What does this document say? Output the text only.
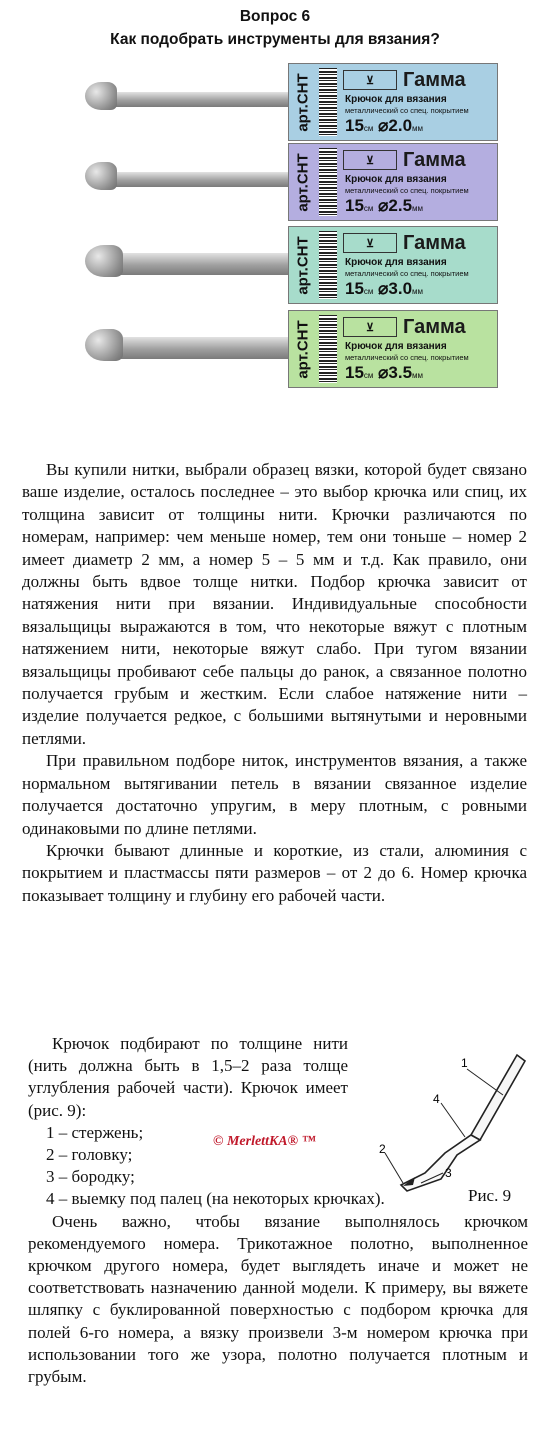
Вопрос 6
Как подобрать инструменты для вязания?
арт.CHT	⊻	Гамма
Крючок для вязания
металлический со спец. покрытием
15см ⌀2.0мм
арт.CHT	⊻	Гамма
Крючок для вязания
металлический со спец. покрытием
15см ⌀2.5мм
арт.CHT	⊻	Гамма
Крючок для вязания
металлический со спец. покрытием
15см ⌀3.0мм
арт.CHT	⊻	Гамма
Крючок для вязания
металлический со спец. покрытием
15см ⌀3.5мм

Вы купили нитки, выбрали образец вязки, которой будет связано ваше изделие, осталось последнее – это выбор крючка или спиц, их толщина зависит от толщины нити. Крючки различаются по номерам, например: чем меньше номер, тем они тоньше – номер 2 имеет диаметр 2 мм, а номер 5 – 5 мм и т.д. Как правило, они должны быть вдвое толще нитки. Подбор крючка зависит от натяжения нити при вязании. Индивидуальные способности вязальщицы выражаются в том, что некоторые вяжут с плотным натяжением нити, некоторые вяжут слабо. При тугом вязании вязальщицы пробивают себе пальцы до ранок, а связанное полотно получается грубым и жестким. Если слабое натяжение нити – изделие получается редкое, с большими вытянутыми и неровными петлями.

При правильном подборе ниток, инструментов вязания, а также нормальном вытягивании петель в вязании связанное изделие получается достаточно упругим, в меру плотным, с ровными одинаковыми по длине петлями.

Крючки бывают длинные и короткие, из стали, алюминия с покрытием и пластмассы пяти размеров – от 2 до 6. Номер крючка показывает толщину и глубину его рабочей части.

Крючок подбирают по толщине нити (нить должна быть в 1,5–2 раза толще углубления рабочей части). Крючок имеет (рис. 9):

1 – стержень;

2 – головку;

3 – бородку;

4 – выемку под палец (на некоторых крючках).

Очень важно, чтобы вязание выполнялось крючком рекомендуемого номера. Трикотажное полотно, выполненное крючком другого номера, будет выглядеть иначе и может не соответствовать назначению данной модели. К примеру, вы вяжете шляпку с буклированной поверхностью с подбором крючка для полей 6-го номера, а вязку произвели 3-м номером крючка при использовании того же узора, полотно получается плотным и грубым.

© MerlettKA® ™
1
2
3
4
Рис. 9
